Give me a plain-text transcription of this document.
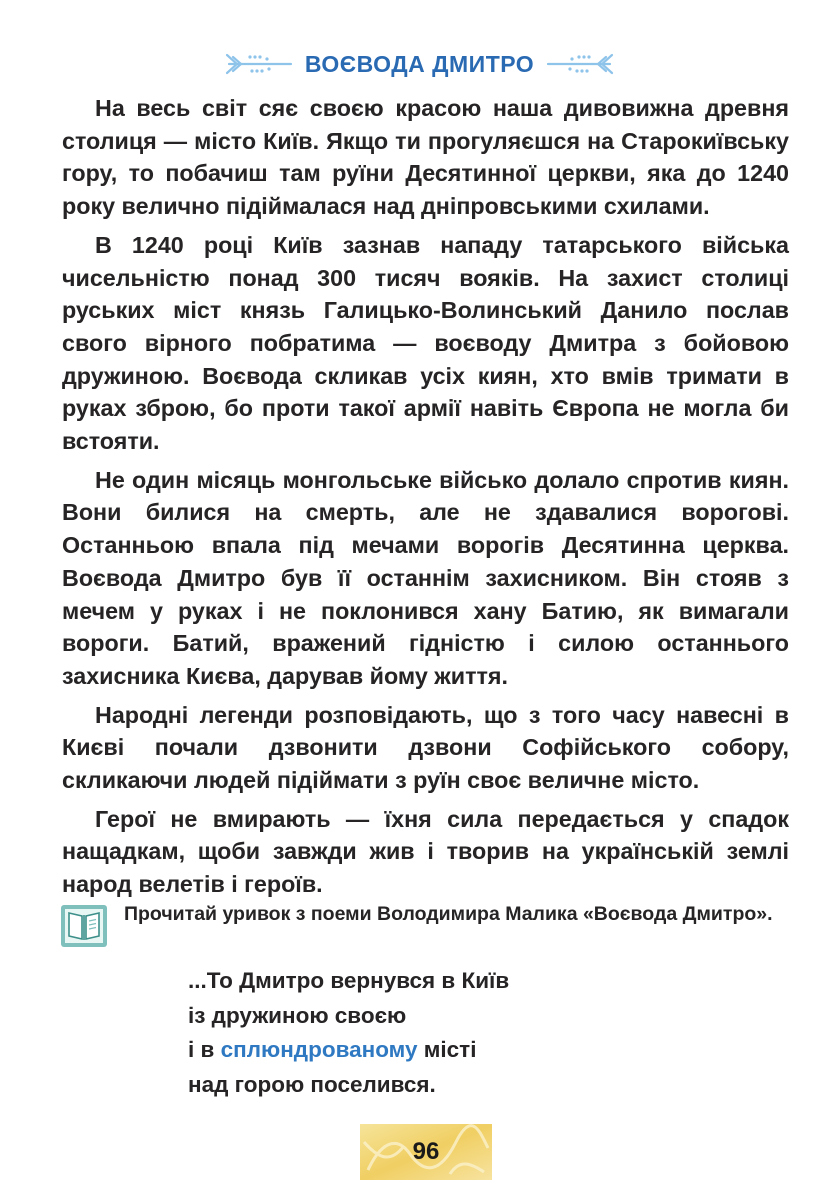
ВОЄВОДА ДМИТРО

На весь світ сяє своєю красою наша дивовижна древня столиця — місто Київ. Якщо ти прогуляєшся на Старокиївську гору, то побачиш там руїни Десятинної церкви, яка до 1240 року велично підіймалася над дніпровськими схилами.

В 1240 році Київ зазнав нападу татарського війська чисельністю понад 300 тисяч вояків. На захист столиці руських міст князь Галицько-Волинський Данило послав свого вірного побратима — воєводу Дмитра з бойовою дружиною. Воєвода скликав усіх киян, хто вмів тримати в руках зброю, бо проти такої армії навіть Європа не могла би встояти.

Не один місяць монгольське військо долало спротив киян. Вони билися на смерть, але не здавалися ворогові. Останньою впала під мечами ворогів Десятинна церква. Воєвода Дмитро був її останнім захисником. Він стояв з мечем у руках і не поклонився хану Батию, як вимагали вороги. Батий, вражений гідністю і силою останнього захисника Києва, дарував йому життя.

Народні легенди розповідають, що з того часу навесні в Києві почали дзвонити дзвони Софійського собору, скликаючи людей підіймати з руїн своє величне місто.

Герої не вмирають — їхня сила передається у спадок нащадкам, щоби завжди жив і творив на українській землі народ велетів і героїв.

Прочитай уривок з поеми Володимира Малика «Воєвода Дмитро».
...То Дмитро вернувся в Київ
із дружиною своєю
і в сплюндрованому місті
над горою поселився.
96
